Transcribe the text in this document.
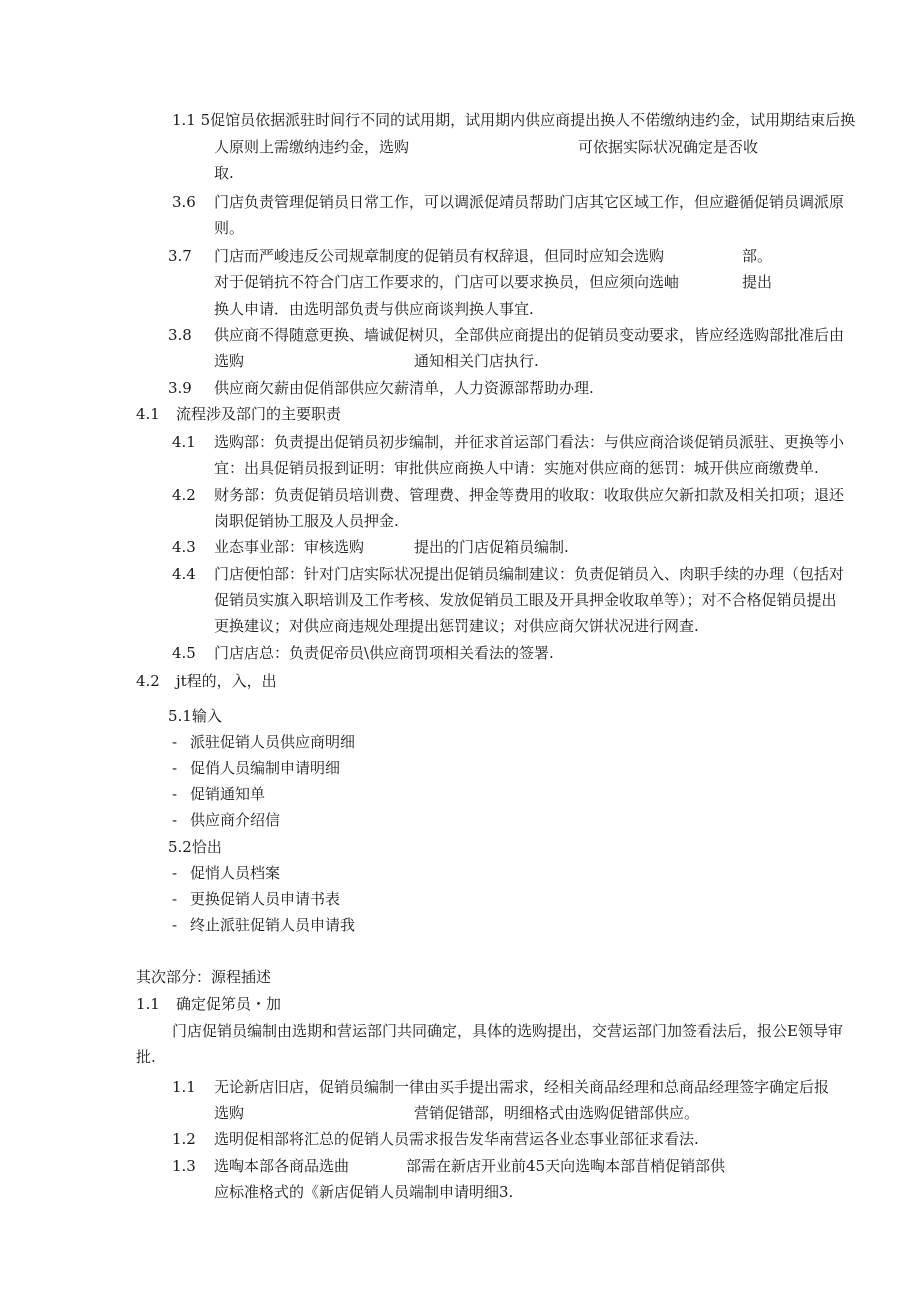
1.1 5促馆员依据派驻时间行不同的试用期，试用期内供应商提出换人不偌缴纳违约金，试用期结束后换
人原则上需缴纳违约金，选购	可依据实际状况确定是否收
取.
3.6 门店负责管理促销员日常工作，可以调派促靖员帮助门店其它区域工作，但应避循促销员调派原
则。
3.7 门店而严峻违反公司规章制度的促销员有权辞退，但同时应知会选购	部。
对于促销抗不符合门店工作要求的，门店可以要求换员，但应须向选岫	提出
换人申请．由选明部负责与供应商谈判换人事宜.
3.8 供应商不得随意更换、墙诚促树贝，全部供应商提出的促销员变动要求，皆应经选购部批准后由
选购	通知相关门店执行.
3.9 供应商欠薪由促俏部供应欠薪清单，人力资源部帮助办理.
4.1 流程涉及部门的主要职责
4.1 选购部：负责提出促销员初步编制，并征求首运部门看法：与供应商洽谈促销员派驻、更换等小
宜：出具促销员报到证明：审批供应商换人中请：实施对供应商的惩罚：城开供应商缴费单.
4.2 财务部：负责促销员培训费、管理费、押金等费用的收取：收取供应欠新扣款及相关扣项；退还
岗职促销协工服及人员押金.
4.3 业态事业部：审核选购	提出的门店促箱员编制.
4.4 门店便怕部：针对门店实际状况提出促销员编制建议：负责促销员入、肉职手续的办理（包括对
促销员实旗入职培训及工作考核、发放促销员工眼及开具押金收取单等）；对不合格促销员提出
更换建议；对供应商违规处理提出惩罚建议；对供应商欠饼状况进行网查.
4.5 门店店总：负责促帝员\供应商罚项相关看法的签署.
4.2 jt程的，入，出
5.1输入
- 派驻促销人员供应商明细
- 促俏人员编制申请明细
- 促销通知单
- 供应商介绍信
5.2恰出
- 促悄人员档案
- 更换促销人员申请书表
- 终止派驻促销人员申请我
其次部分：源程插述
1.1 确定促笫员・加
门店促销员编制由选期和营运部门共同确定，具体的选购提出，交营运部门加签看法后，报公E领导审
批.
1.1 无论新店旧店，促销员编制一律由买手提出需求，经相关商品经理和总商品经理签字确定后报
选购	营销促错部，明细格式由选购促错部供应。
1.2 选明促相部将汇总的促销人员需求报告发华南营运各业态事业部征求看法.
1.3 选啕本部各商品选曲	部需在新店开业前45天向选啕本部苜梢促销部供
应标准格式的《新店促销人员端制申请明细3.
